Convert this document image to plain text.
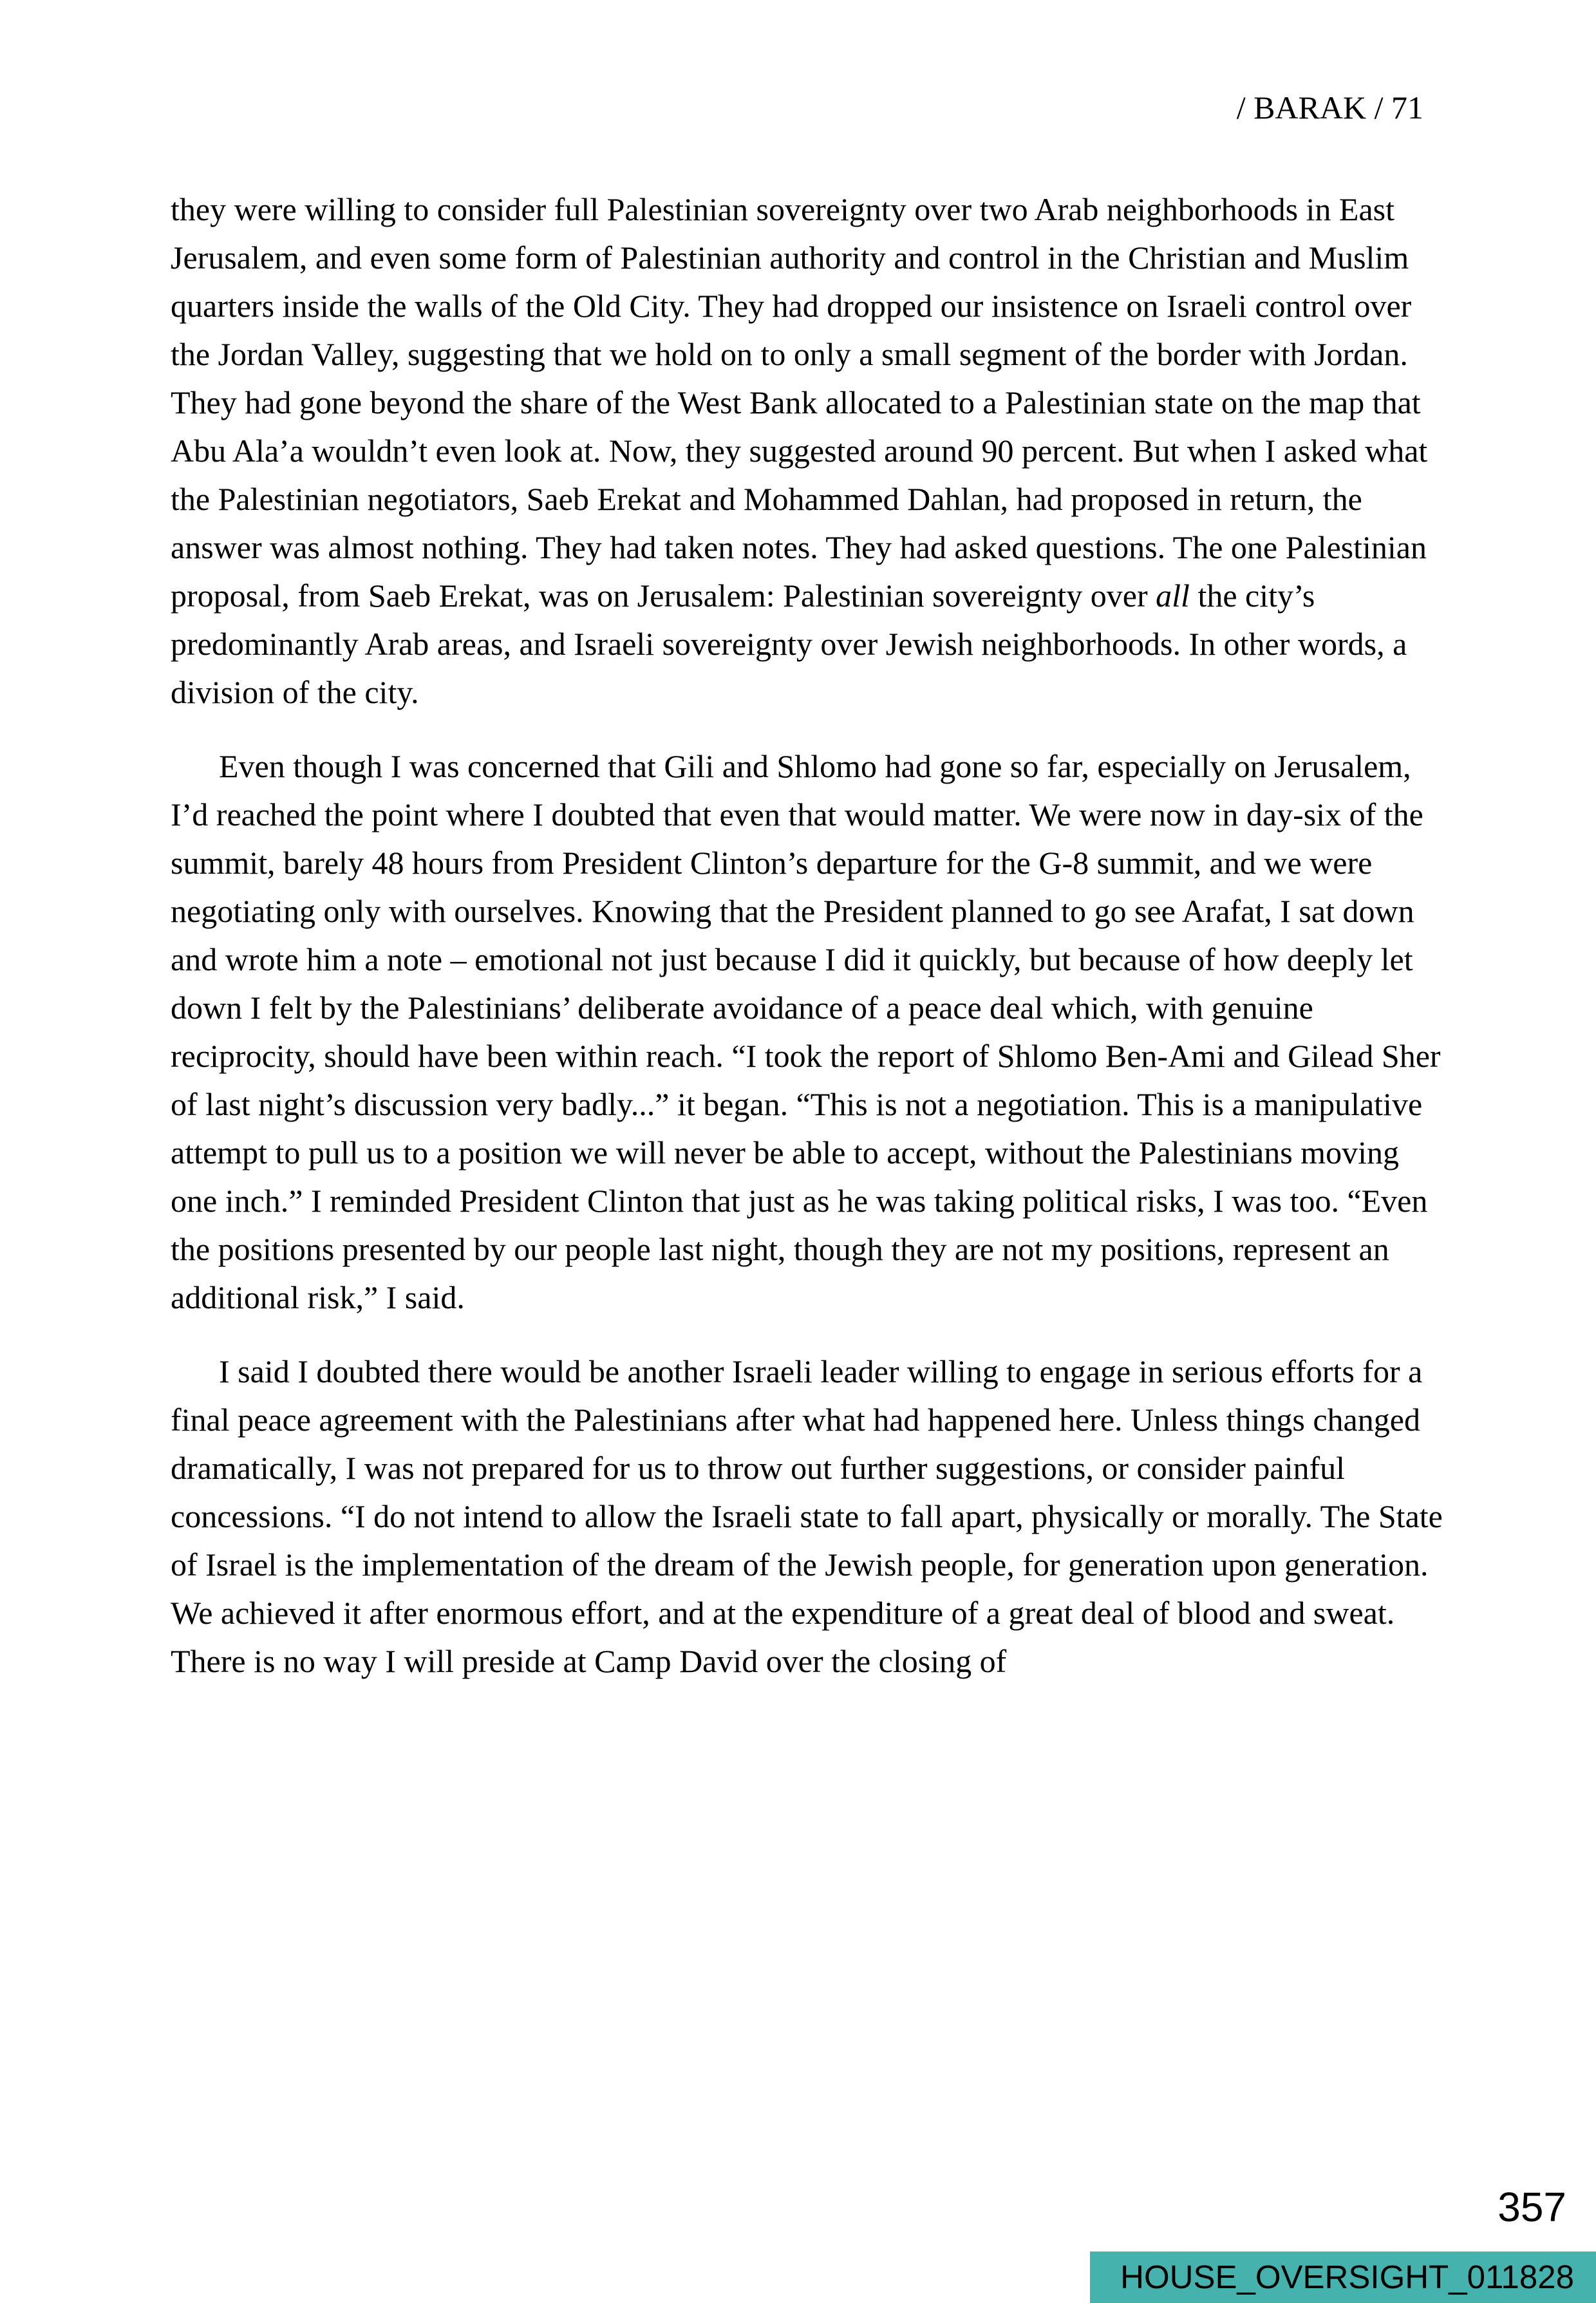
/ BARAK / 71

they were willing to consider full Palestinian sovereignty over two Arab neighborhoods in East Jerusalem, and even some form of Palestinian authority and control in the Christian and Muslim quarters inside the walls of the Old City. They had dropped our insistence on Israeli control over the Jordan Valley, suggesting that we hold on to only a small segment of the border with Jordan. They had gone beyond the share of the West Bank allocated to a Palestinian state on the map that Abu Ala’a wouldn’t even look at. Now, they suggested around 90 percent. But when I asked what the Palestinian negotiators, Saeb Erekat and Mohammed Dahlan, had proposed in return, the answer was almost nothing. They had taken notes. They had asked questions. The one Palestinian proposal, from Saeb Erekat, was on Jerusalem: Palestinian sovereignty over all the city’s predominantly Arab areas, and Israeli sovereignty over Jewish neighborhoods. In other words, a division of the city.

Even though I was concerned that Gili and Shlomo had gone so far, especially on Jerusalem, I’d reached the point where I doubted that even that would matter. We were now in day-six of the summit, barely 48 hours from President Clinton’s departure for the G-8 summit, and we were negotiating only with ourselves. Knowing that the President planned to go see Arafat, I sat down and wrote him a note – emotional not just because I did it quickly, but because of how deeply let down I felt by the Palestinians’ deliberate avoidance of a peace deal which, with genuine reciprocity, should have been within reach. “I took the report of Shlomo Ben-Ami and Gilead Sher of last night’s discussion very badly...” it began. “This is not a negotiation. This is a manipulative attempt to pull us to a position we will never be able to accept, without the Palestinians moving one inch.” I reminded President Clinton that just as he was taking political risks, I was too. “Even the positions presented by our people last night, though they are not my positions, represent an additional risk,” I said.

I said I doubted there would be another Israeli leader willing to engage in serious efforts for a final peace agreement with the Palestinians after what had happened here. Unless things changed dramatically, I was not prepared for us to throw out further suggestions, or consider painful concessions. “I do not intend to allow the Israeli state to fall apart, physically or morally. The State of Israel is the implementation of the dream of the Jewish people, for generation upon generation. We achieved it after enormous effort, and at the expenditure of a great deal of blood and sweat. There is no way I will preside at Camp David over the closing of

357
HOUSE_OVERSIGHT_011828
